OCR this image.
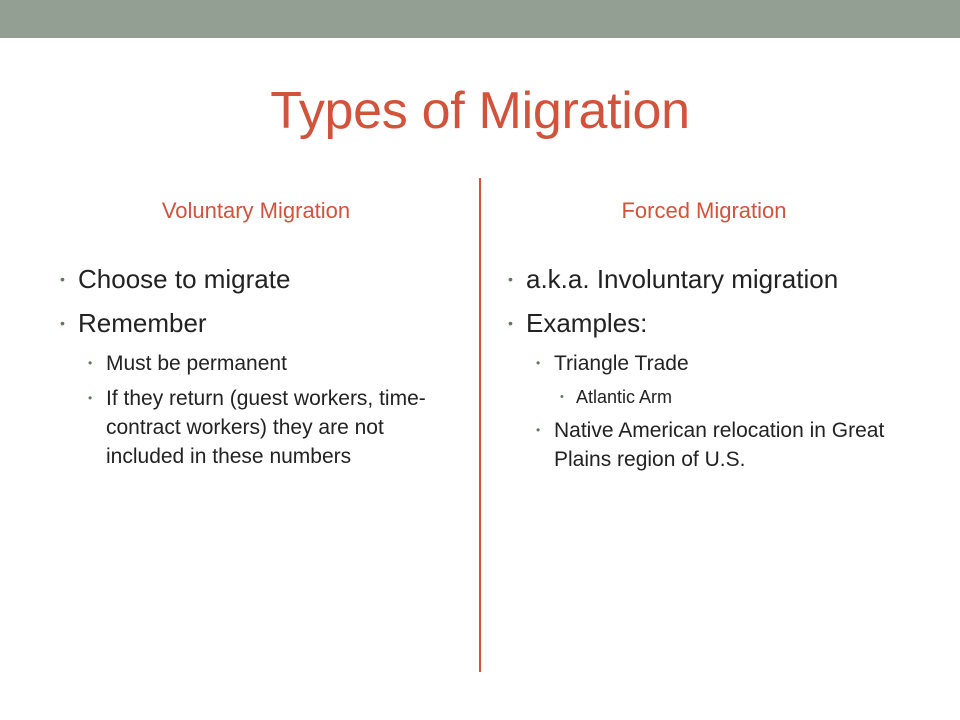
Types of Migration
Voluntary Migration
• Choose to migrate
• Remember
• Must be permanent
• If they return (guest workers, time-contract workers) they are not included in these numbers
Forced Migration
• a.k.a. Involuntary migration
• Examples:
• Triangle Trade
• Atlantic Arm
• Native American relocation in Great Plains region of U.S.
